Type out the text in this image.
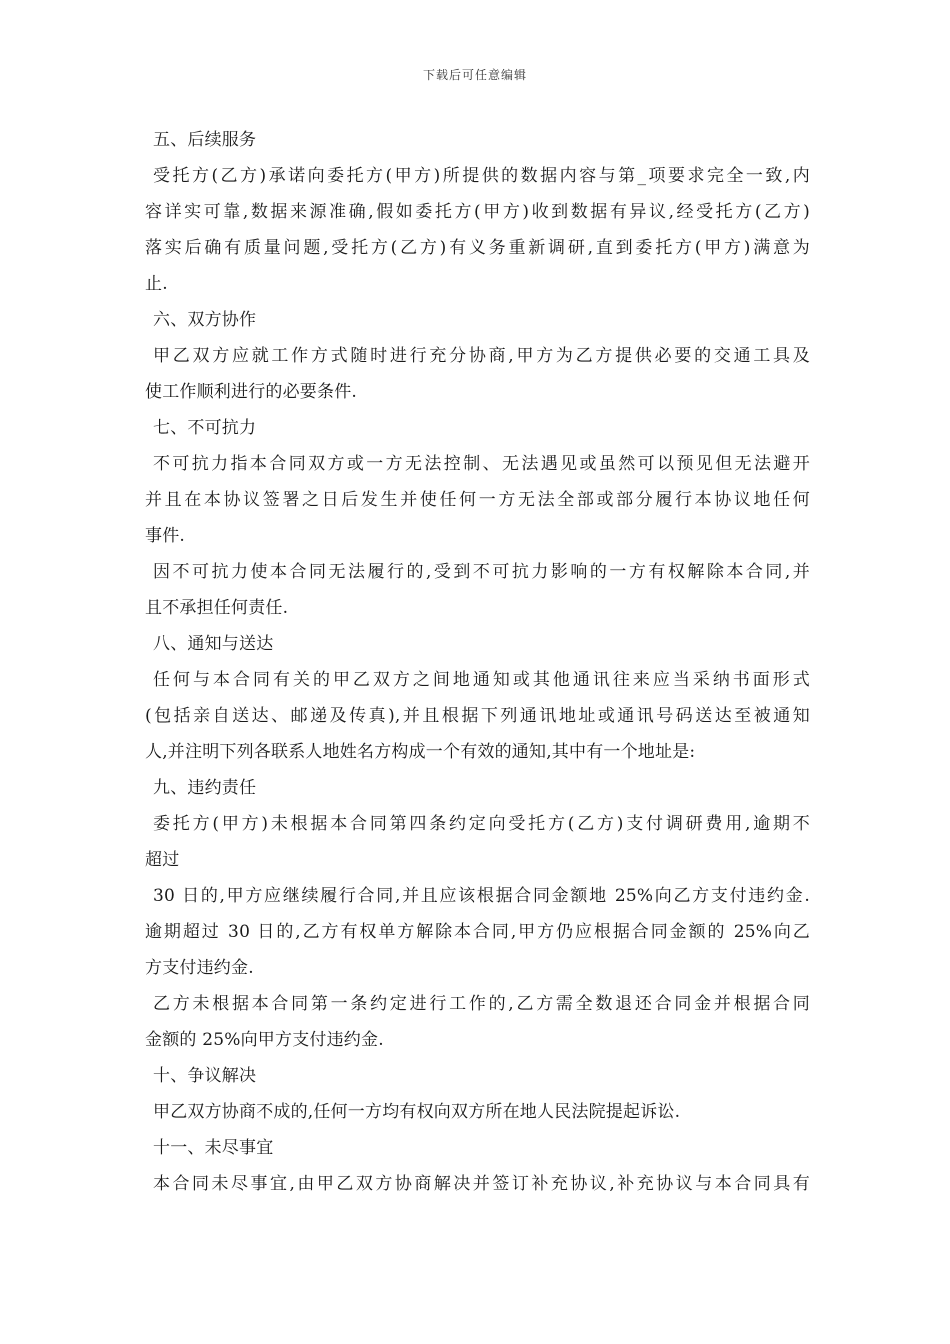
下载后可任意编辑
五、后续服务
受托方(乙方)承诺向委托方(甲方)所提供的数据内容与第_项要求完全一致,内
容详实可靠,数据来源准确,假如委托方(甲方)收到数据有异议,经受托方(乙方)
落实后确有质量问题,受托方(乙方)有义务重新调研,直到委托方(甲方)满意为
止.
六、双方协作
甲乙双方应就工作方式随时进行充分协商,甲方为乙方提供必要的交通工具及
使工作顺利进行的必要条件.
七、不可抗力
不可抗力指本合同双方或一方无法控制、无法遇见或虽然可以预见但无法避开
并且在本协议签署之日后发生并使任何一方无法全部或部分履行本协议地任何
事件.
因不可抗力使本合同无法履行的,受到不可抗力影响的一方有权解除本合同,并
且不承担任何责任.
八、通知与送达
任何与本合同有关的甲乙双方之间地通知或其他通讯往来应当采纳书面形式
(包括亲自送达、邮递及传真),并且根据下列通讯地址或通讯号码送达至被通知
人,并注明下列各联系人地姓名方构成一个有效的通知,其中有一个地址是:
九、违约责任
委托方(甲方)未根据本合同第四条约定向受托方(乙方)支付调研费用,逾期不
超过
30 日的,甲方应继续履行合同,并且应该根据合同金额地 25%向乙方支付违约金.
逾期超过 30 日的,乙方有权单方解除本合同,甲方仍应根据合同金额的 25%向乙
方支付违约金.
乙方未根据本合同第一条约定进行工作的,乙方需全数退还合同金并根据合同
金额的 25%向甲方支付违约金.
十、争议解决
甲乙双方协商不成的,任何一方均有权向双方所在地人民法院提起诉讼.
十一、未尽事宜
本合同未尽事宜,由甲乙双方协商解决并签订补充协议,补充协议与本合同具有
